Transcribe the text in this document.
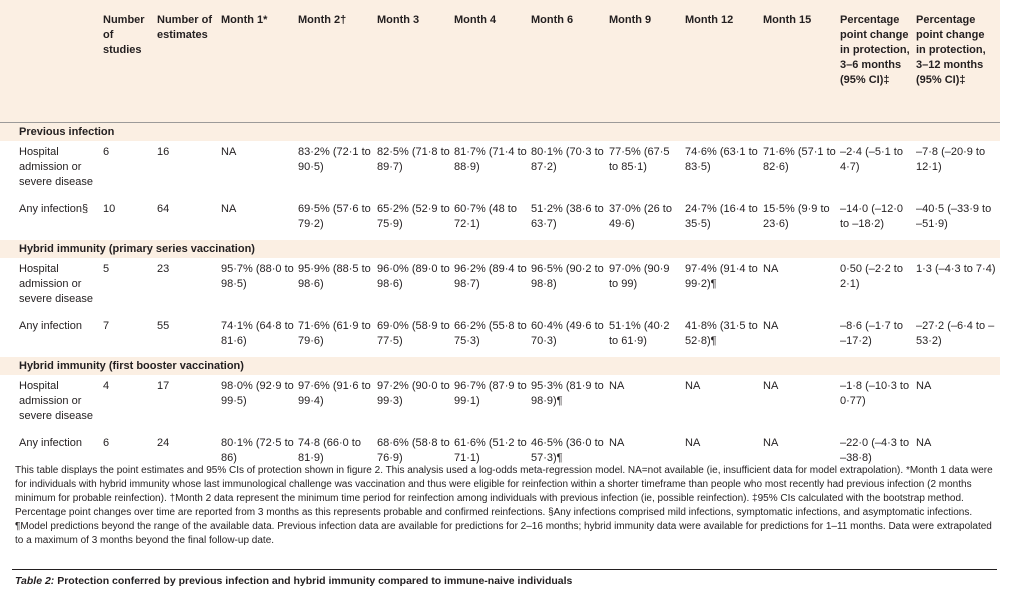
	Number of studies	Number of estimates	Month 1*	Month 2†	Month 3	Month 4	Month 6	Month 9	Month 12	Month 15	Percentage point change in protection, 3–6 months (95% CI)‡	Percentage point change in protection, 3–12 months (95% CI)‡
Previous infection												
Hospital admission or severe disease	6	16	NA	83·2% (72·1 to 90·5)	82·5% (71·8 to 89·7)	81·7% (71·4 to 88·9)	80·1% (70·3 to 87·2)	77·5% (67·5 to 85·1)	74·6% (63·1 to 83·5)	71·6% (57·1 to 82·6)	–2·4 (–5·1 to 4·7)	–7·8 (–20·9 to 12·1)

Any infection§	10	64	NA	69·5% (57·6 to 79·2)	65·2% (52·9 to 75·9)	60·7% (48 to 72·1)	51·2% (38·6 to 63·7)	37·0% (26 to 49·6)	24·7% (16·4 to 35·5)	15·5% (9·9 to 23·6)	–14·0 (–12·0 to –18·2)	–40·5 (–33·9 to –51·9)
Hybrid immunity (primary series vaccination)												
Hospital admission or severe disease	5	23	95·7% (88·0 to 98·5)	95·9% (88·5 to 98·6)	96·0% (89·0 to 98·6)	96·2% (89·4 to 98·7)	96·5% (90·2 to 98·8)	97·0% (90·9 to 99)	97·4% (91·4 to 99·2)¶	NA	0·50 (–2·2 to 2·1)	1·3 (–4·3 to 7·4)

Any infection	7	55	74·1% (64·8 to 81·6)	71·6% (61·9 to 79·6)	69·0% (58·9 to 77·5)	66·2% (55·8 to 75·3)	60·4% (49·6 to 70·3)	51·1% (40·2 to 61·9)	41·8% (31·5 to 52·8)¶	NA	–8·6 (–1·7 to –17·2)	–27·2 (–6·4 to –53·2)
Hybrid immunity (first booster vaccination)												
Hospital admission or severe disease	4	17	98·0% (92·9 to 99·5)	97·6% (91·6 to 99·4)	97·2% (90·0 to 99·3)	96·7% (87·9 to 99·1)	95·3% (81·9 to 98·9)¶	NA	NA	NA	–1·8 (–10·3 to 0·77)	NA

Any infection	6	24	80·1% (72·5 to 86)	74·8 (66·0 to 81·9)	68·6% (58·8 to 76·9)	61·6% (51·2 to 71·1)	46·5% (36·0 to 57·3)¶	NA	NA	NA	–22·0 (–4·3 to –38·8)	NA

This table displays the point estimates and 95% CIs of protection shown in figure 2. This analysis used a log-odds meta-regression model. NA=not available (ie, insufficient data for model extrapolation). *Month 1 data were for individuals with hybrid immunity whose last immunological challenge was vaccination and thus were eligible for reinfection within a shorter timeframe than people who most recently had previous infection (2 months minimum for probable reinfection). †Month 2 data represent the minimum time period for reinfection among individuals with previous infection (ie, possible reinfection). ‡95% CIs calculated with the bootstrap method. Percentage point changes over time are reported from 3 months as this represents probable and confirmed reinfections. §Any infections comprised mild infections, symptomatic infections, and asymptomatic infections. ¶Model predictions beyond the range of the available data. Previous infection data are available for predictions for 2–16 months; hybrid immunity data were available for predictions for 1–11 months. Data were extrapolated to a maximum of 3 months beyond the final follow-up date.

Table 2: Protection conferred by previous infection and hybrid immunity compared to immune-naive individuals
